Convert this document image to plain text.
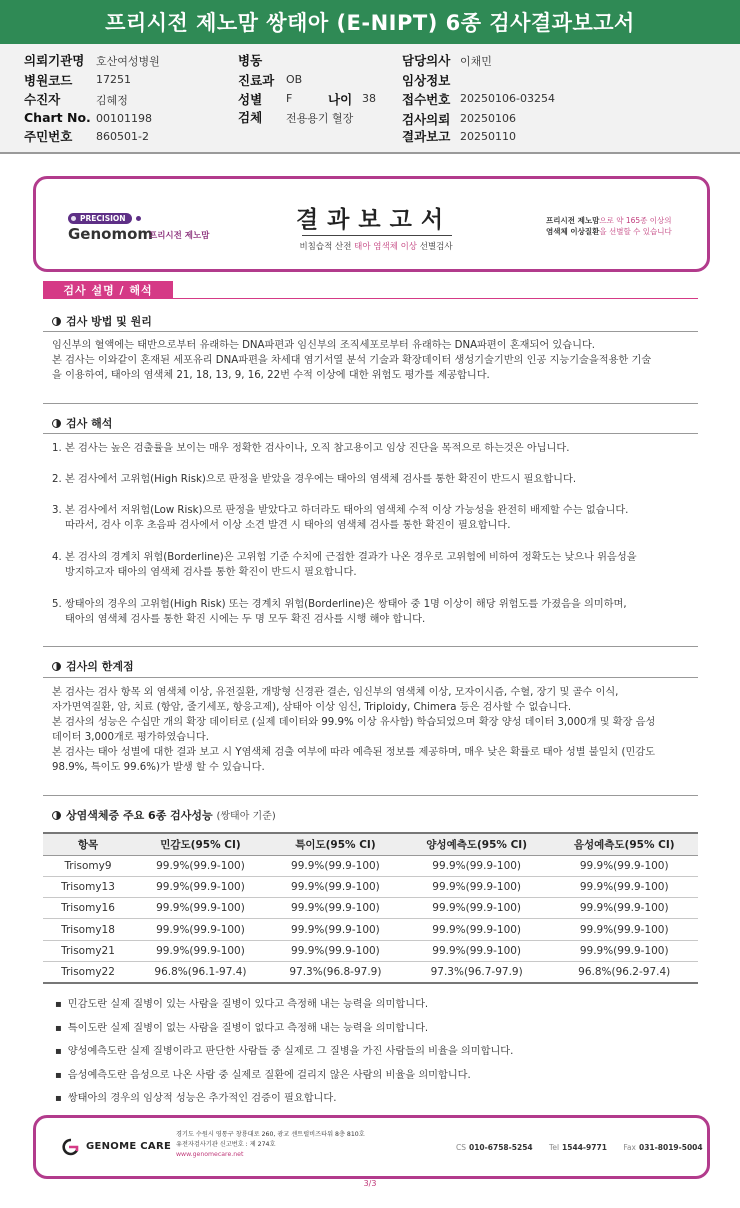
프리시전 제노맘 쌍태아 (E-NIPT) 6종 검사결과보고서
의뢰기관명 호산여성병원
병원코드 17251
수진자	김혜정
Chart No. 00101198
주민번호 860501-2
병동
진료과 OB
성별 F	나이 38
검체 전용용기 혈장
담당의사 이채민
임상정보
접수번호 20250106-03254
검사의뢰 20250106
결과보고 20250110
PRECISION
Genomom
프리시전 제노맘
결과보고서
비침습적 산전 태아 염색체 이상 선별검사
프리시전 제노맘으로 약 165종 이상의
염색체 이상질환을 선별할 수 있습니다
검사 설명 / 해석
검사 방법 및 원리
임신부의 혈액에는 태반으로부터 유래하는 DNA파편과 임신부의 조직세포로부터 유래하는 DNA파편이 혼재되어 있습니다.
본 검사는 이와같이 혼재된 세포유리 DNA파편을 차세대 염기서열 분석 기술과 확장데이터 생성기술기반의 인공 지능기술을적용한 기술
을 이용하여, 태아의 염색체 21, 18, 13, 9, 16, 22번 수적 이상에 대한 위험도 평가를 제공합니다.
검사 해석
1. 본 검사는 높은 검출률을 보이는 매우 정확한 검사이나, 오직 참고용이고 임상 진단을 목적으로 하는것은 아닙니다.
2. 본 검사에서 고위험(High Risk)으로 판정을 받았을 경우에는 태아의 염색체 검사를 통한 확진이 반드시 필요합니다.
3. 본 검사에서 저위험(Low Risk)으로 판정을 받았다고 하더라도 태아의 염색체 수적 이상 가능성을 완전히 배제할 수는 없습니다.
따라서, 검사 이후 초음파 검사에서 이상 소견 발견 시 태아의 염색체 검사를 통한 확진이 필요합니다.
4. 본 검사의 경계치 위험(Borderline)은 고위험 기준 수치에 근접한 결과가 나온 경우로 고위험에 비하여 정확도는 낮으나 위음성을
방지하고자 태아의 염색체 검사를 통한 확진이 반드시 필요합니다.
5. 쌍태아의 경우의 고위험(High Risk) 또는 경계치 위험(Borderline)은 쌍태아 중 1명 이상이 해당 위험도를 가졌음을 의미하며,
태아의 염색체 검사를 통한 확진 시에는 두 명 모두 확진 검사를 시행 해야 합니다.
검사의 한계점
본 검사는 검사 항목 외 염색체 이상, 유전질환, 개방형 신경관 결손, 임신부의 염색체 이상, 모자이시즘, 수혈, 장기 및 골수 이식,
자가면역질환, 암, 치료 (항암, 줄기세포, 항응고제), 삼태아 이상 임신, Triploidy, Chimera 등은 검사할 수 없습니다.
본 검사의 성능은 수십만 개의 확장 데이터로 (실제 데이터와 99.9% 이상 유사함) 학습되었으며 확장 양성 데이터 3,000개 및 확장 음성
데이터 3,000개로 평가하였습니다.
본 검사는 태아 성별에 대한 결과 보고 시 Y염색체 검출 여부에 따라 예측된 정보를 제공하며, 매우 낮은 확률로 태아 성별 불일치 (민감도
98.9%, 특이도 99.6%)가 발생 할 수 있습니다.
상염색체증 주요 6종 검사성능 (쌍태아 기준)
항목	민감도(95% CI)	특이도(95% CI)	양성예측도(95% CI)	음성예측도(95% CI)
Trisomy9	99.9%(99.9-100)	99.9%(99.9-100)	99.9%(99.9-100)	99.9%(99.9-100)
Trisomy13	99.9%(99.9-100)	99.9%(99.9-100)	99.9%(99.9-100)	99.9%(99.9-100)
Trisomy16	99.9%(99.9-100)	99.9%(99.9-100)	99.9%(99.9-100)	99.9%(99.9-100)
Trisomy18	99.9%(99.9-100)	99.9%(99.9-100)	99.9%(99.9-100)	99.9%(99.9-100)
Trisomy21	99.9%(99.9-100)	99.9%(99.9-100)	99.9%(99.9-100)	99.9%(99.9-100)
Trisomy22	96.8%(96.1-97.4)	97.3%(96.8-97.9)	97.3%(96.7-97.9)	96.8%(96.2-97.4)
▪ 민감도란 실제 질병이 있는 사람을 질병이 있다고 측정해 내는 능력을 의미합니다.
▪ 특이도란 실제 질병이 없는 사람을 질병이 없다고 측정해 내는 능력을 의미합니다.
▪ 양성예측도란 실제 질병이라고 판단한 사람들 중 실제로 그 질병을 가진 사람들의 비율을 의미합니다.
▪ 음성예측도란 음성으로 나온 사람 중 실제로 질환에 걸리지 않은 사람의 비율을 의미합니다.
▪ 쌍태아의 경우의 임상적 성능은 추가적인 검증이 필요합니다.
GENOME CARE
경기도 수원시 영통구 창룡대로 260, 광교 센트럴비즈타워 8층 810호
유전자검사기관 신고번호 : 제 274호
www.genomecare.net
CS 010-6758-5254 Tel 1544-9771 Fax 031-8019-5004
3/3
